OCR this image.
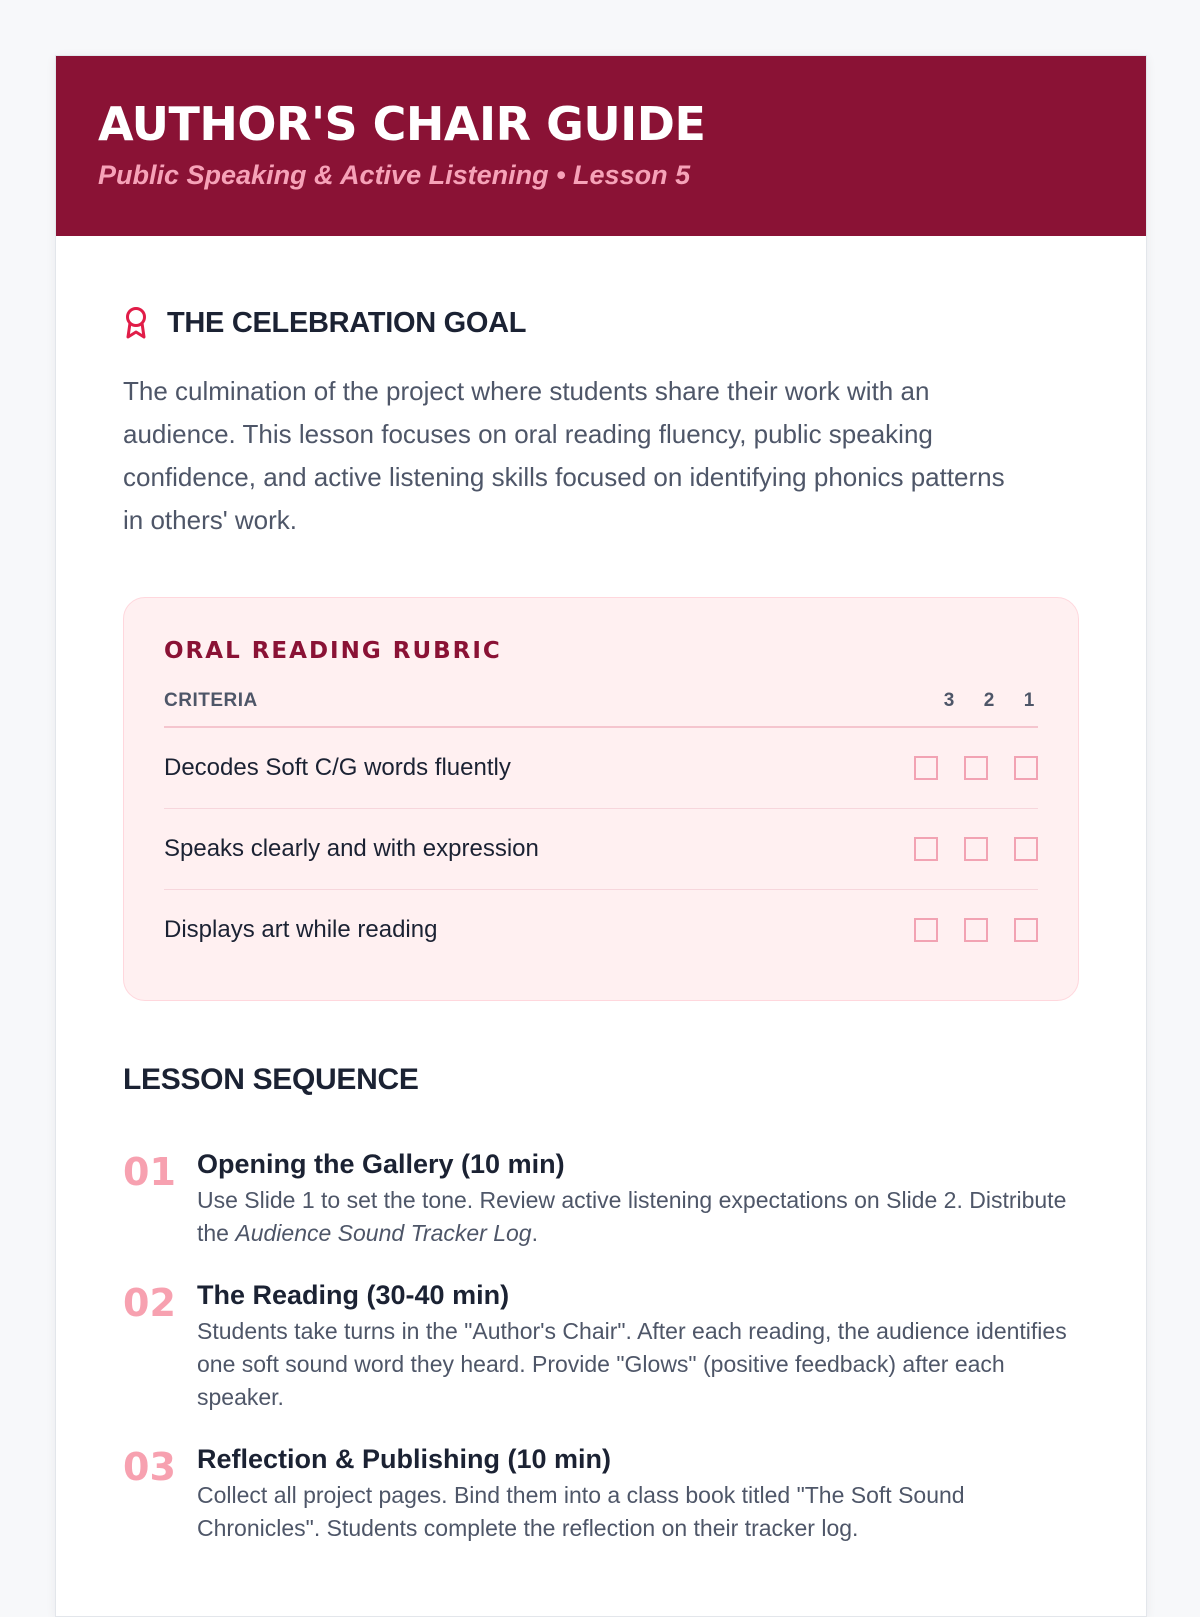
AUTHOR'S CHAIR GUIDE
Public Speaking & Active Listening • Lesson 5
THE CELEBRATION GOAL
The culmination of the project where students share their work with an audience. This lesson focuses on oral reading fluency, public speaking confidence, and active listening skills focused on identifying phonics patterns in others' work.
ORAL READING RUBRIC
CRITERIA	3 2 1
Decodes Soft C/G words fluently
Speaks clearly and with expression
Displays art while reading
LESSON SEQUENCE
01 Opening the Gallery (10 min)
Use Slide 1 to set the tone. Review active listening expectations on Slide 2. Distribute the Audience Sound Tracker Log.
02 The Reading (30-40 min)
Students take turns in the "Author's Chair". After each reading, the audience identifies one soft sound word they heard. Provide "Glows" (positive feedback) after each speaker.
03 Reflection & Publishing (10 min)
Collect all project pages. Bind them into a class book titled "The Soft Sound Chronicles". Students complete the reflection on their tracker log.
